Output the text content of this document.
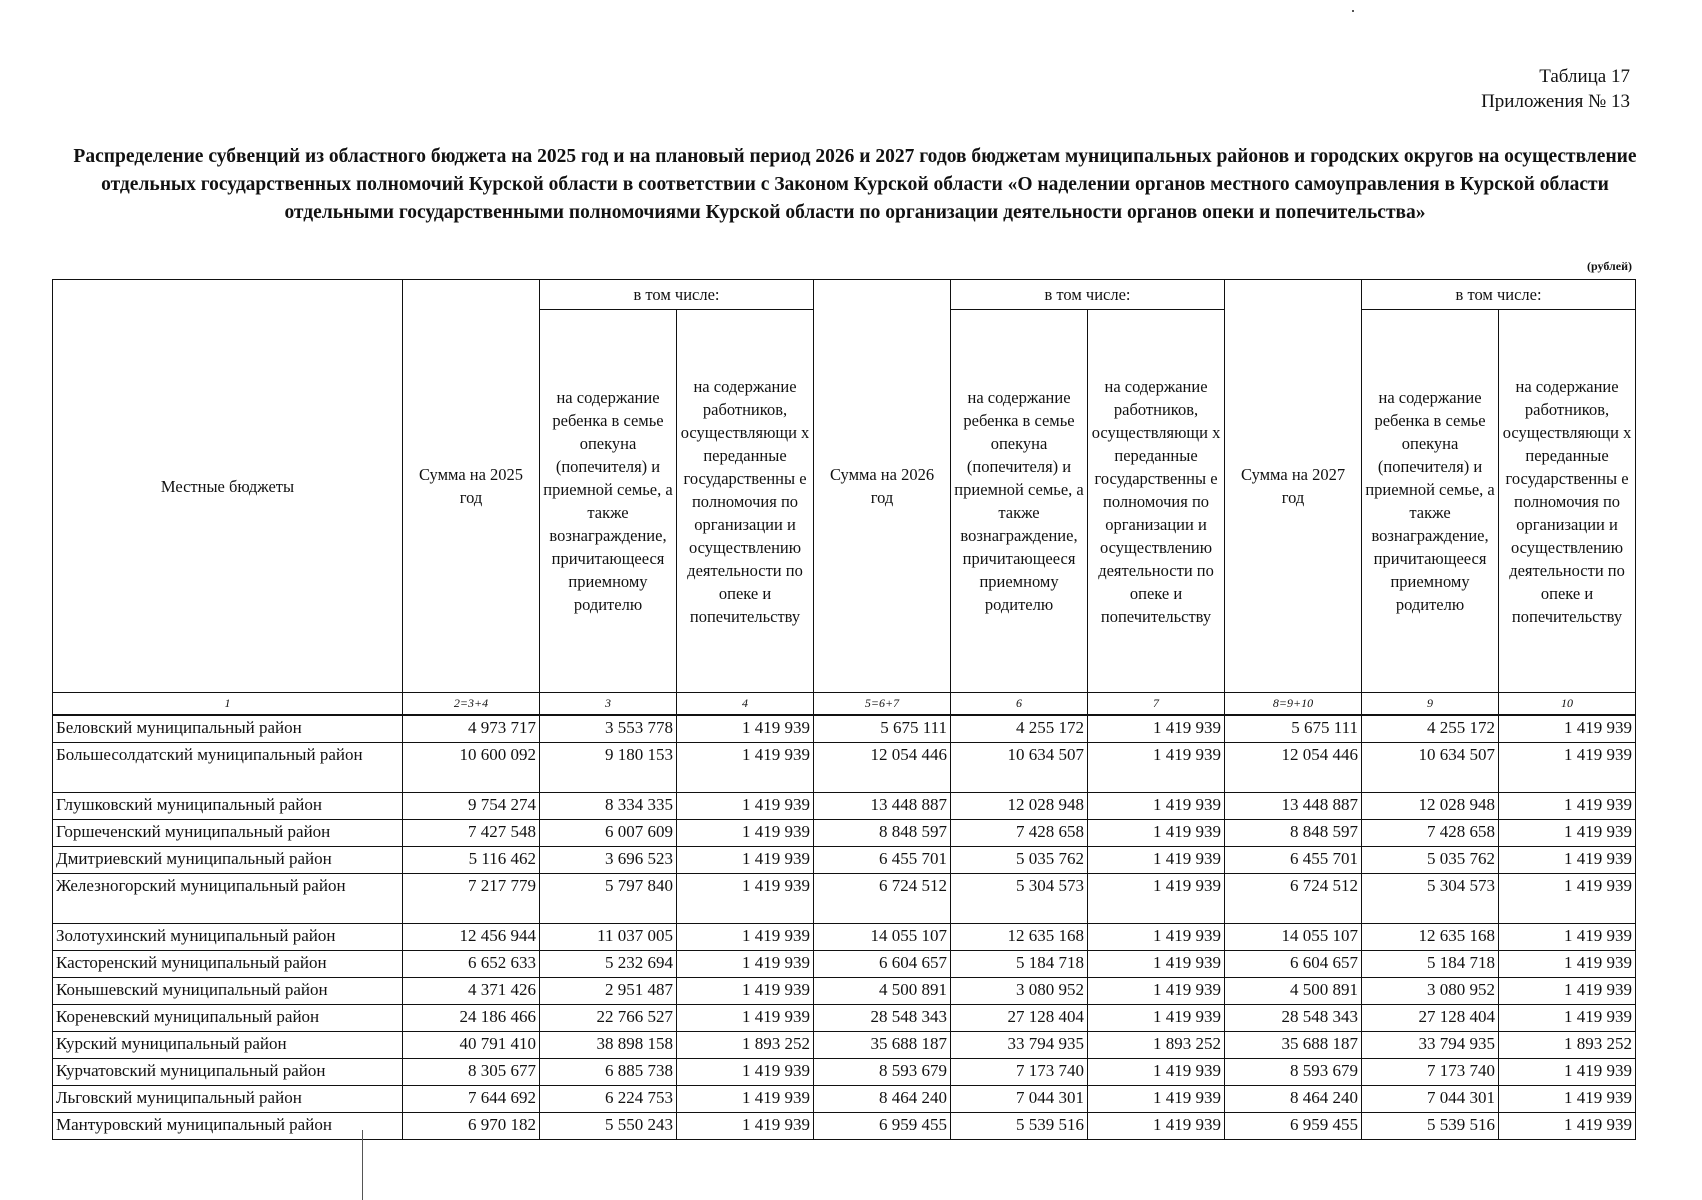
Таблица 17
Приложения № 13
Распределение субвенций из областного бюджета на 2025 год и на плановый период 2026 и 2027 годов бюджетам муниципальных районов и городских округов на осуществление отдельных государственных полномочий Курской области в соответствии с Законом Курской области «О наделении органов местного самоуправления в Курской области отдельными государственными полномочиями Курской области по организации деятельности органов опеки и попечительства»
(рублей)
Местные бюджеты	Сумма на 2025 год	в том числе:		Сумма на 2026 год	в том числе:		Сумма на 2027 год	в том числе:	
		на содержание ребенка в семье опекуна (попечителя) и приемной семье, а также вознаграждение, причитающееся приемному родителю	на содержание работников, осуществляющи х переданные государственны е полномочия по организации и осуществлению деятельности по опеке и попечительству		на содержание ребенка в семье опекуна (попечителя) и приемной семье, а также вознаграждение, причитающееся приемному родителю	на содержание работников, осуществляющи х переданные государственны е полномочия по организации и осуществлению деятельности по опеке и попечительству		на содержание ребенка в семье опекуна (попечителя) и приемной семье, а также вознаграждение, причитающееся приемному родителю	на содержание работников, осуществляющи х переданные государственны е полномочия по организации и осуществлению деятельности по опеке и попечительству
1	2=3+4	3	4	5=6+7	6	7	8=9+10	9	10
Беловский муниципальный район	4 973 717	3 553 778	1 419 939	5 675 111	4 255 172	1 419 939	5 675 111	4 255 172	1 419 939
Большесолдатский муниципальный район	10 600 092	9 180 153	1 419 939	12 054 446	10 634 507	1 419 939	12 054 446	10 634 507	1 419 939
Глушковский муниципальный район	9 754 274	8 334 335	1 419 939	13 448 887	12 028 948	1 419 939	13 448 887	12 028 948	1 419 939
Горшеченский муниципальный район	7 427 548	6 007 609	1 419 939	8 848 597	7 428 658	1 419 939	8 848 597	7 428 658	1 419 939
Дмитриевский муниципальный район	5 116 462	3 696 523	1 419 939	6 455 701	5 035 762	1 419 939	6 455 701	5 035 762	1 419 939
Железногорский муниципальный район	7 217 779	5 797 840	1 419 939	6 724 512	5 304 573	1 419 939	6 724 512	5 304 573	1 419 939
Золотухинский муниципальный район	12 456 944	11 037 005	1 419 939	14 055 107	12 635 168	1 419 939	14 055 107	12 635 168	1 419 939
Касторенский муниципальный район	6 652 633	5 232 694	1 419 939	6 604 657	5 184 718	1 419 939	6 604 657	5 184 718	1 419 939
Конышевский муниципальный район	4 371 426	2 951 487	1 419 939	4 500 891	3 080 952	1 419 939	4 500 891	3 080 952	1 419 939
Кореневский муниципальный район	24 186 466	22 766 527	1 419 939	28 548 343	27 128 404	1 419 939	28 548 343	27 128 404	1 419 939
Курский муниципальный район	40 791 410	38 898 158	1 893 252	35 688 187	33 794 935	1 893 252	35 688 187	33 794 935	1 893 252
Курчатовский муниципальный район	8 305 677	6 885 738	1 419 939	8 593 679	7 173 740	1 419 939	8 593 679	7 173 740	1 419 939
Льговский муниципальный район	7 644 692	6 224 753	1 419 939	8 464 240	7 044 301	1 419 939	8 464 240	7 044 301	1 419 939
Мантуровский муниципальный район	6 970 182	5 550 243	1 419 939	6 959 455	5 539 516	1 419 939	6 959 455	5 539 516	1 419 939
